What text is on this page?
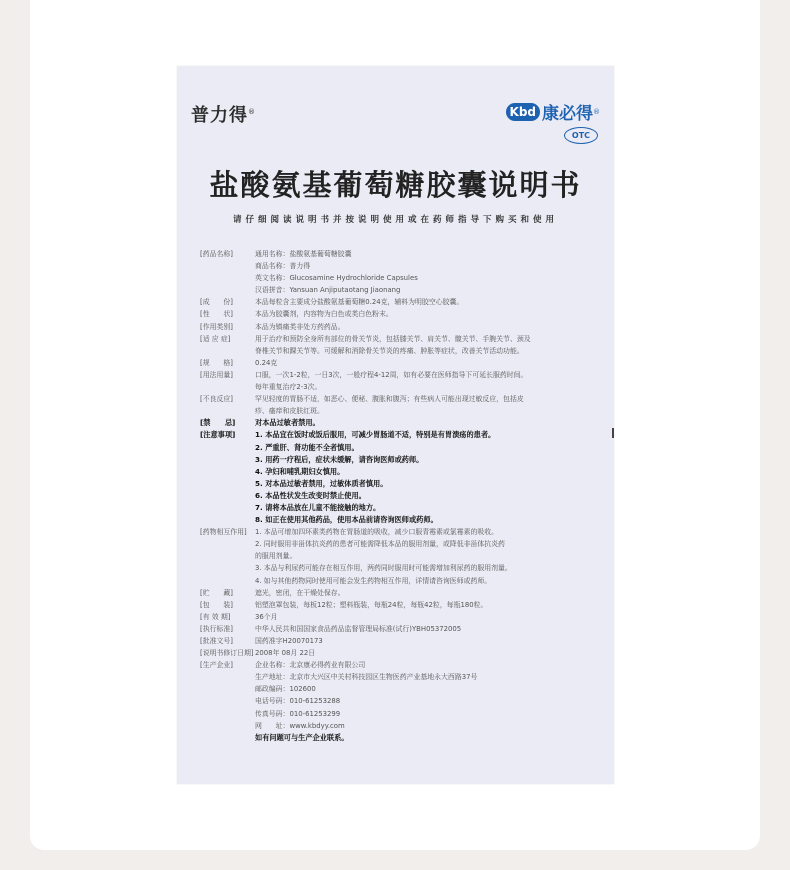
普力得®	Kbd 康必得 ®
OTC
盐酸氨基葡萄糖胶囊说明书
请仔细阅读说明书并按说明使用或在药师指导下购买和使用
[药品名称]	通用名称：盐酸氨基葡萄糖胶囊
商品名称：普力得
英文名称：Glucosamine Hydrochloride Capsules
汉语拼音：Yansuan Anjiputaotang Jiaonang
[成　　份]	本品每粒含主要成分盐酸氨基葡萄糖0.24克，辅料为明胶空心胶囊。
[性　　状]	本品为胶囊剂，内容物为白色或类白色粉末。
[作用类别]	本品为镇痛类非处方药药品。
[适 应 症]	用于治疗和预防全身所有部位的骨关节炎，包括膝关节、肩关节、髋关节、手腕关节、颈及
脊椎关节和踝关节等。可缓解和消除骨关节炎的疼痛、肿胀等症状，改善关节活动功能。
[规　　格]	0.24克
[用法用量]	口服，一次1-2粒，一日3次，一般疗程4-12周，如有必要在医师指导下可延长服药时间。
每年重复治疗2-3次。
[不良反应]	罕见轻度的胃肠不适，如恶心、便秘、腹胀和腹泻；有些病人可能出现过敏反应，包括皮
疹、瘙痒和皮肤红斑。
[禁　　忌]	对本品过敏者禁用。
[注意事项]	1. 本品宜在饭时或饭后服用，可减少胃肠道不适，特别是有胃溃疡的患者。
2. 严重肝、肾功能不全者慎用。
3. 用药一疗程后，症状未缓解，请咨询医师或药师。
4. 孕妇和哺乳期妇女慎用。
5. 对本品过敏者禁用，过敏体质者慎用。
6. 本品性状发生改变时禁止使用。
7. 请将本品放在儿童不能接触的地方。
8. 如正在使用其他药品，使用本品前请咨询医师或药师。
[药物相互作用]	1. 本品可增加四环素类药物在胃肠道的吸收，减少口服青霉素或氯霉素的吸收。
2. 同时服用非甾体抗炎药的患者可能需降低本品的服用剂量，或降低非甾体抗炎药
的服用剂量。
3. 本品与利尿药可能存在相互作用，两药同时服用时可能需增加利尿药的服用剂量。
4. 如与其他药物同时使用可能会发生药物相互作用，详情请咨询医师或药师。
[贮　　藏]	遮光，密闭，在干燥处保存。
[包　　装]	铝塑泡罩包装，每板12粒；塑料瓶装，每瓶24粒，每瓶42粒，每瓶180粒。
[有 效 期]	36个月
[执行标准]	中华人民共和国国家食品药品监督管理局标准(试行)YBH05372005
[批准文号]	国药准字H20070173
[说明书修订日期] 2008年 08月 22日
[生产企业]	企业名称：北京康必得药业有限公司
生产地址：北京市大兴区中关村科技园区生物医药产业基地永大西路37号
邮政编码：102600
电话号码：010-61253288
传真号码：010-61253299
网　　址：www.kbdyy.com
如有问题可与生产企业联系。
